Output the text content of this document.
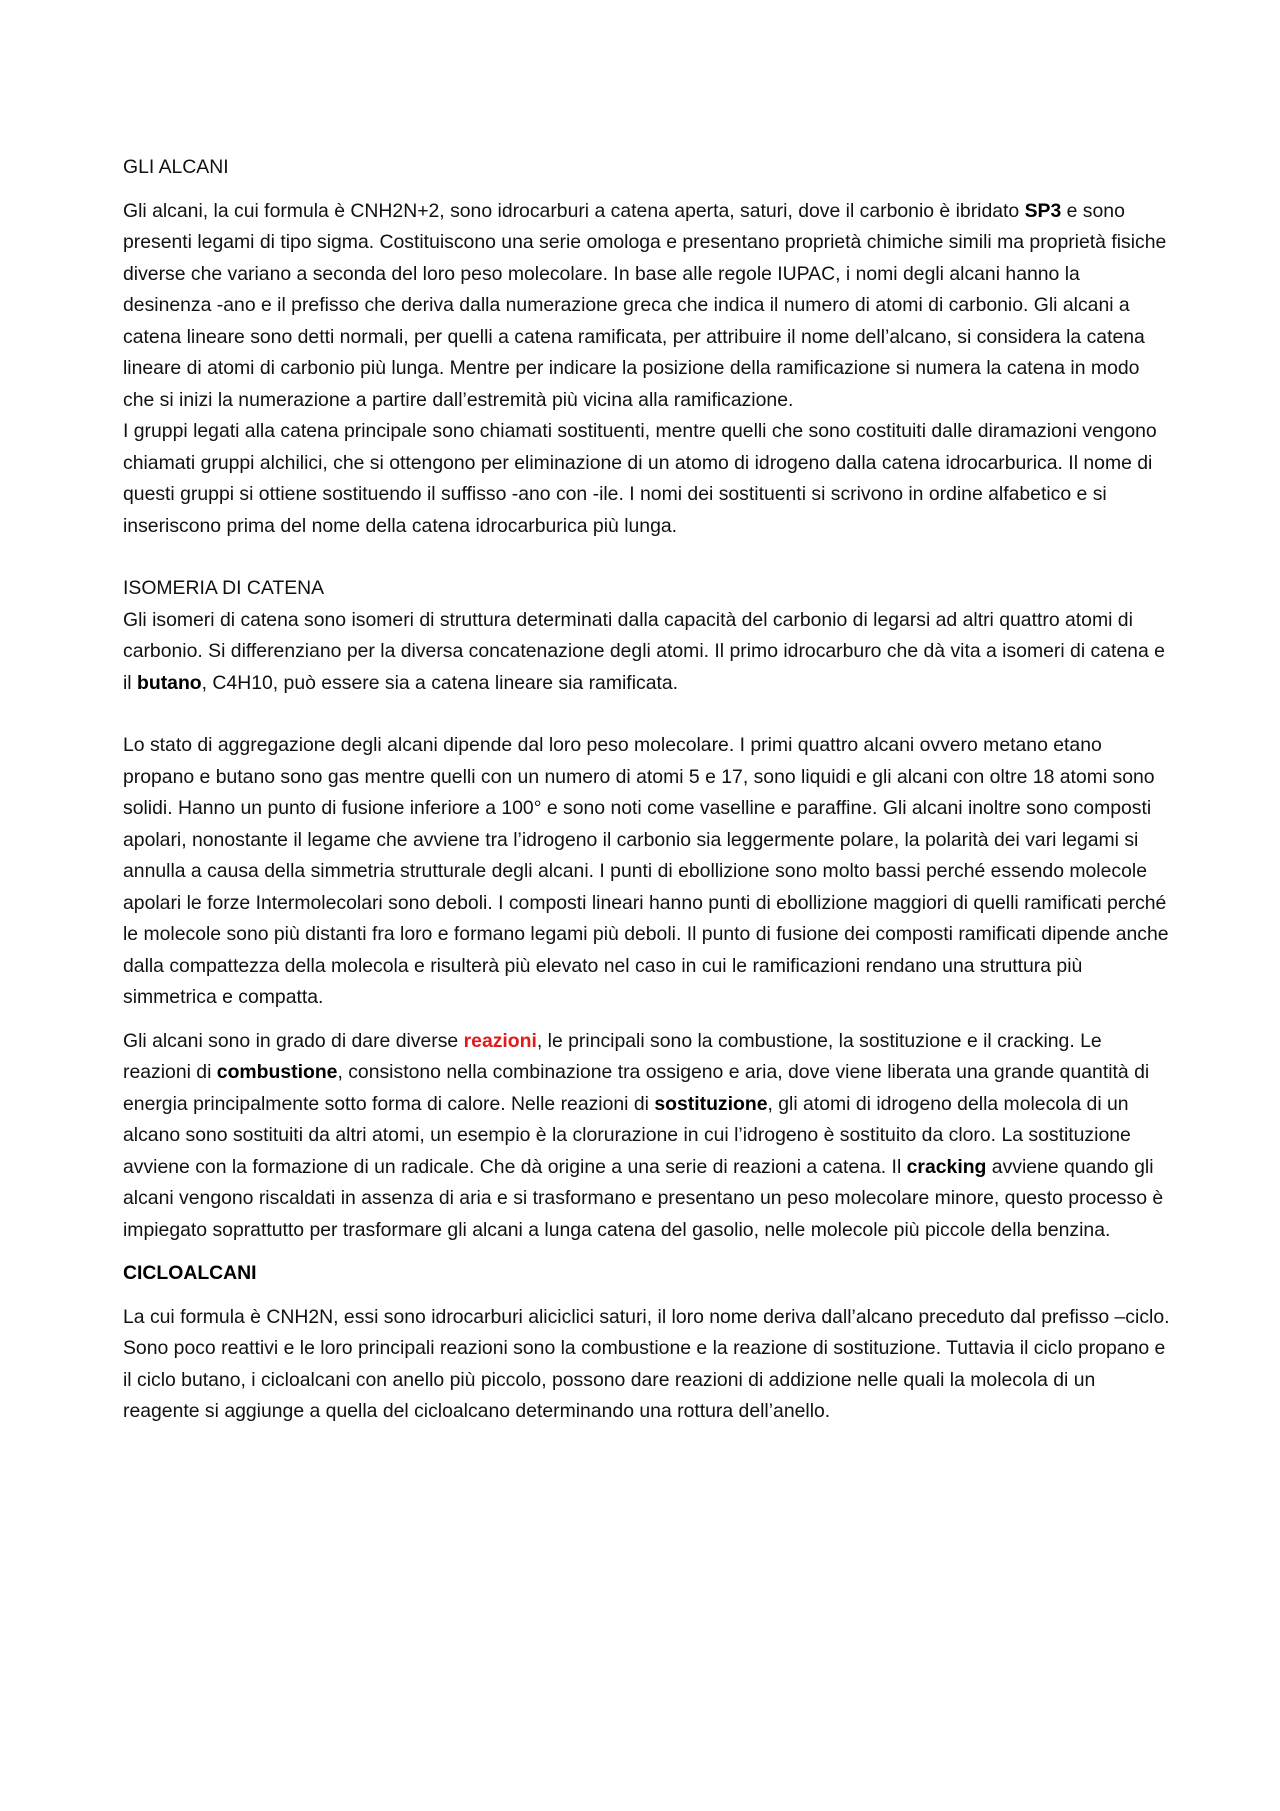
GLI ALCANI

Gli alcani, la cui formula è CNH2N+2, sono idrocarburi a catena aperta, saturi, dove il carbonio è ibridato SP3 e sono presenti legami di tipo sigma. Costituiscono una serie omologa e presentano proprietà chimiche simili ma proprietà fisiche diverse che variano a seconda del loro peso molecolare. In base alle regole IUPAC, i nomi degli alcani hanno la desinenza -ano e il prefisso che deriva dalla numerazione greca che indica il numero di atomi di carbonio. Gli alcani a catena lineare sono detti normali, per quelli a catena ramificata, per attribuire il nome dell’alcano, si considera la catena lineare di atomi di carbonio più lunga. Mentre per indicare la posizione della ramificazione si numera la catena in modo che si inizi la numerazione a partire dall’estremità più vicina alla ramificazione.

I gruppi legati alla catena principale sono chiamati sostituenti, mentre quelli che sono costituiti dalle diramazioni vengono chiamati gruppi alchilici, che si ottengono per eliminazione di un atomo di idrogeno dalla catena idrocarburica. Il nome di questi gruppi si ottiene sostituendo il suffisso -ano con -ile. I nomi dei sostituenti si scrivono in ordine alfabetico e si inseriscono prima del nome della catena idrocarburica più lunga.

ISOMERIA DI CATENA

Gli isomeri di catena sono isomeri di struttura determinati dalla capacità del carbonio di legarsi ad altri quattro atomi di carbonio. Si differenziano per la diversa concatenazione degli atomi. Il primo idrocarburo che dà vita a isomeri di catena e il butano, C4H10, può essere sia a catena lineare sia ramificata.

Lo stato di aggregazione degli alcani dipende dal loro peso molecolare. I primi quattro alcani ovvero metano etano propano e butano sono gas mentre quelli con un numero di atomi 5 e 17, sono liquidi e gli alcani con oltre 18 atomi sono solidi. Hanno un punto di fusione inferiore a 100° e sono noti come vaselline e paraffine. Gli alcani inoltre sono composti apolari, nonostante il legame che avviene tra l’idrogeno il carbonio sia leggermente polare, la polarità dei vari legami si annulla a causa della simmetria strutturale degli alcani. I punti di ebollizione sono molto bassi perché essendo molecole apolari le forze Intermolecolari sono deboli. I composti lineari hanno punti di ebollizione maggiori di quelli ramificati perché le molecole sono più distanti fra loro e formano legami più deboli. Il punto di fusione dei composti ramificati dipende anche dalla compattezza della molecola e risulterà più elevato nel caso in cui le ramificazioni rendano una struttura più simmetrica e compatta.

Gli alcani sono in grado di dare diverse reazioni, le principali sono la combustione, la sostituzione e il cracking. Le reazioni di combustione, consistono nella combinazione tra ossigeno e aria, dove viene liberata una grande quantità di energia principalmente sotto forma di calore. Nelle reazioni di sostituzione, gli atomi di idrogeno della molecola di un alcano sono sostituiti da altri atomi, un esempio è la clorurazione in cui l’idrogeno è sostituito da cloro. La sostituzione avviene con la formazione di un radicale. Che dà origine a una serie di reazioni a catena. Il cracking avviene quando gli alcani vengono riscaldati in assenza di aria e si trasformano e presentano un peso molecolare minore, questo processo è impiegato soprattutto per trasformare gli alcani a lunga catena del gasolio, nelle molecole più piccole della benzina.

CICLOALCANI

La cui formula è CNH2N, essi sono idrocarburi aliciclici saturi, il loro nome deriva dall’alcano preceduto dal prefisso –ciclo. Sono poco reattivi e le loro principali reazioni sono la combustione e la reazione di sostituzione. Tuttavia il ciclo propano e il ciclo butano, i cicloalcani con anello più piccolo, possono dare reazioni di addizione nelle quali la molecola di un reagente si aggiunge a quella del cicloalcano determinando una rottura dell’anello.
